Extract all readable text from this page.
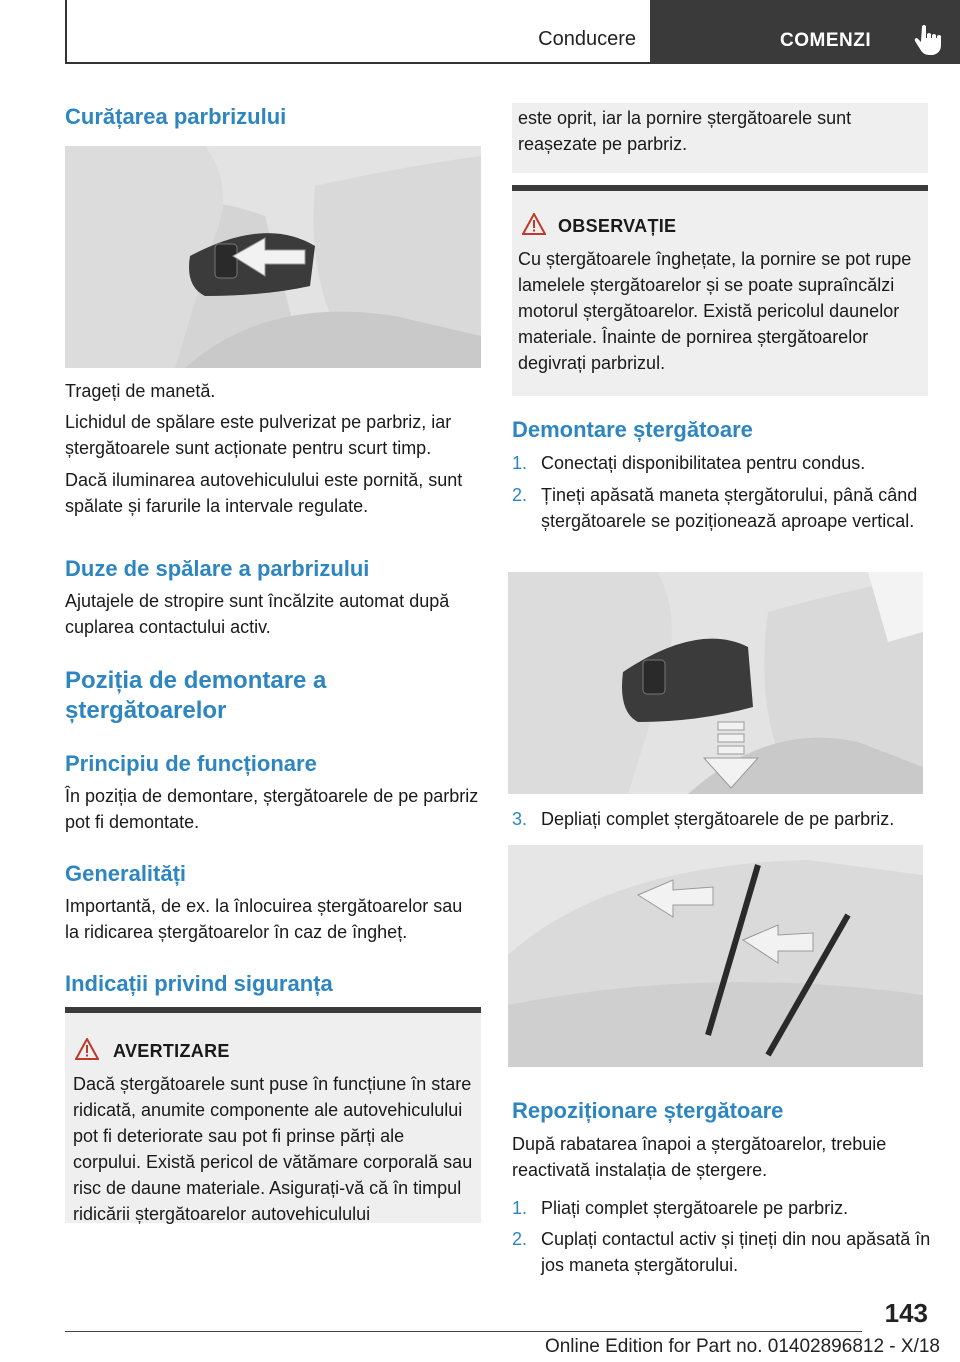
Conducere	COMENZI
Curățarea parbrizului

Trageți de manetă.

Lichidul de spălare este pulverizat pe parbriz, iar ștergătoarele sunt acționate pentru scurt timp.

Dacă iluminarea autovehiculului este pornită, sunt spălate și farurile la intervale regulate.

Duze de spălare a parbrizului

Ajutajele de stropire sunt încălzite automat după cuplarea contactului activ.

Poziția de demontare a
ștergătoarelor
Principiu de funcționare

În poziția de demontare, ștergătoarele de pe parbriz pot fi demontate.

Generalități

Importantă, de ex. la înlocuirea ștergătoarelor sau la ridicarea ștergătoarelor în caz de îngheț.

Indicații privind siguranța
AVERTIZARE

Dacă ștergătoarele sunt puse în funcțiune în stare ridicată, anumite componente ale autovehiculului pot fi deteriorate sau pot fi prinse părți ale corpului. Există pericol de vătămare corporală sau risc de daune materiale. Asigurați-vă că în timpul ridicării ștergătoarelor autovehiculului

este oprit, iar la pornire ștergătoarele sunt reașezate pe parbriz.

OBSERVAȚIE

Cu ștergătoarele înghețate, la pornire se pot rupe lamelele ștergătoarelor și se poate supraîncălzi motorul ștergătoarelor. Există pericolul daunelor materiale. Înainte de pornirea ștergătoarelor degivrați parbrizul.

Demontare ștergătoare
1. Conectați disponibilitatea pentru condus.
2. Țineți apăsată maneta ștergătorului, până când ștergătoarele se poziționează aproape vertical.
3. Depliați complet ștergătoarele de pe parbriz.
Repoziționare ștergătoare

După rabatarea înapoi a ștergătoarelor, trebuie reactivată instalația de ștergere.

1. Pliați complet ștergătoarele pe parbriz.
2. Cuplați contactul activ și țineți din nou apăsată în jos maneta ștergătorului.
143
Online Edition for Part no. 01402896812 - X/18
